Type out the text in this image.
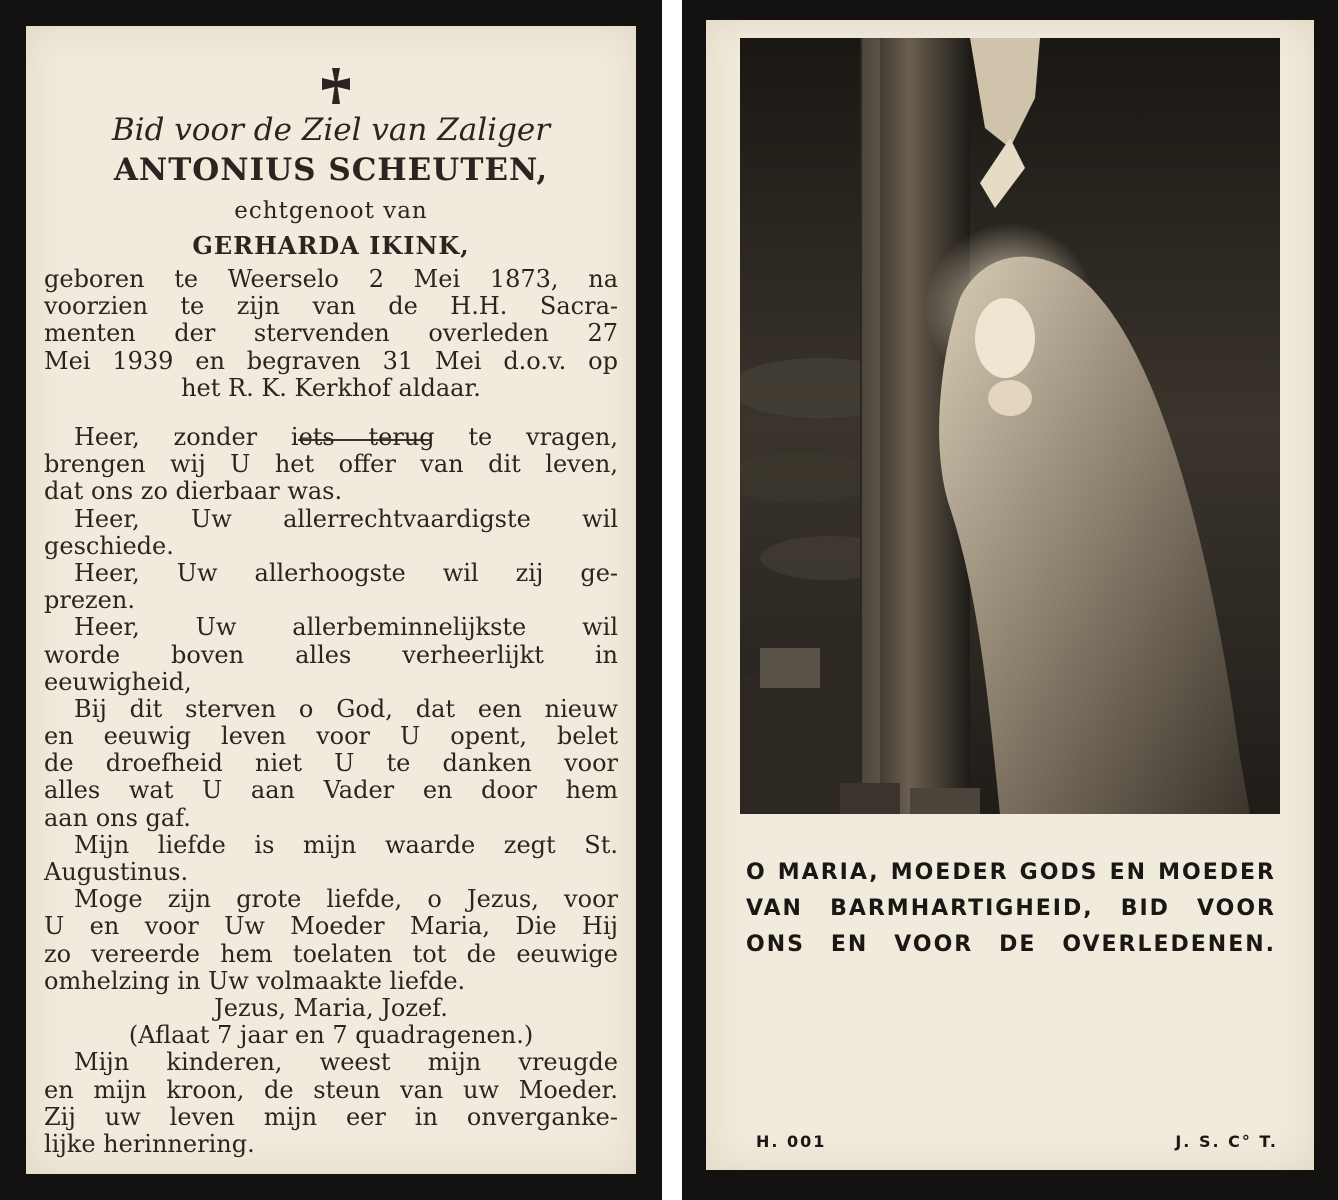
Bid voor de Ziel van Zaliger
ANTONIUS SCHEUTEN,
echtgenoot van
GERHARDA IKINK,
geboren te Weerselo 2 Mei 1873, na
voorzien te zijn van de H.H. Sacra-
menten der stervenden overleden 27
Mei 1939 en begraven 31 Mei d.o.v. op
het R. K. Kerkhof aldaar.
Heer, zonder iets terug te vragen,
brengen wij U het offer van dit leven,
dat ons zo dierbaar was.
Heer, Uw allerrechtvaardigste wil
geschiede.
Heer, Uw allerhoogste wil zij ge-
prezen.
Heer, Uw allerbeminnelijkste wil
worde boven alles verheerlijkt in
eeuwigheid,
Bij dit sterven o God, dat een nieuw
en eeuwig leven voor U opent, belet
de droefheid niet U te danken voor
alles wat U aan Vader en door hem
aan ons gaf.
Mijn liefde is mijn waarde zegt St.
Augustinus.
Moge zijn grote liefde, o Jezus, voor
U en voor Uw Moeder Maria, Die Hij
zo vereerde hem toelaten tot de eeuwige
omhelzing in Uw volmaakte liefde.
Jezus, Maria, Jozef.
(Aflaat 7 jaar en 7 quadragenen.)
Mijn kinderen, weest mijn vreugde
en mijn kroon, de steun van uw Moeder.
Zij uw leven mijn eer in onverganke-
lijke herinnering.
O MARIA, MOEDER GODS EN MOEDER
VAN BARMHARTIGHEID, BID VOOR
ONS EN VOOR DE OVERLEDENEN.
H. 001	J. S. C° T.
